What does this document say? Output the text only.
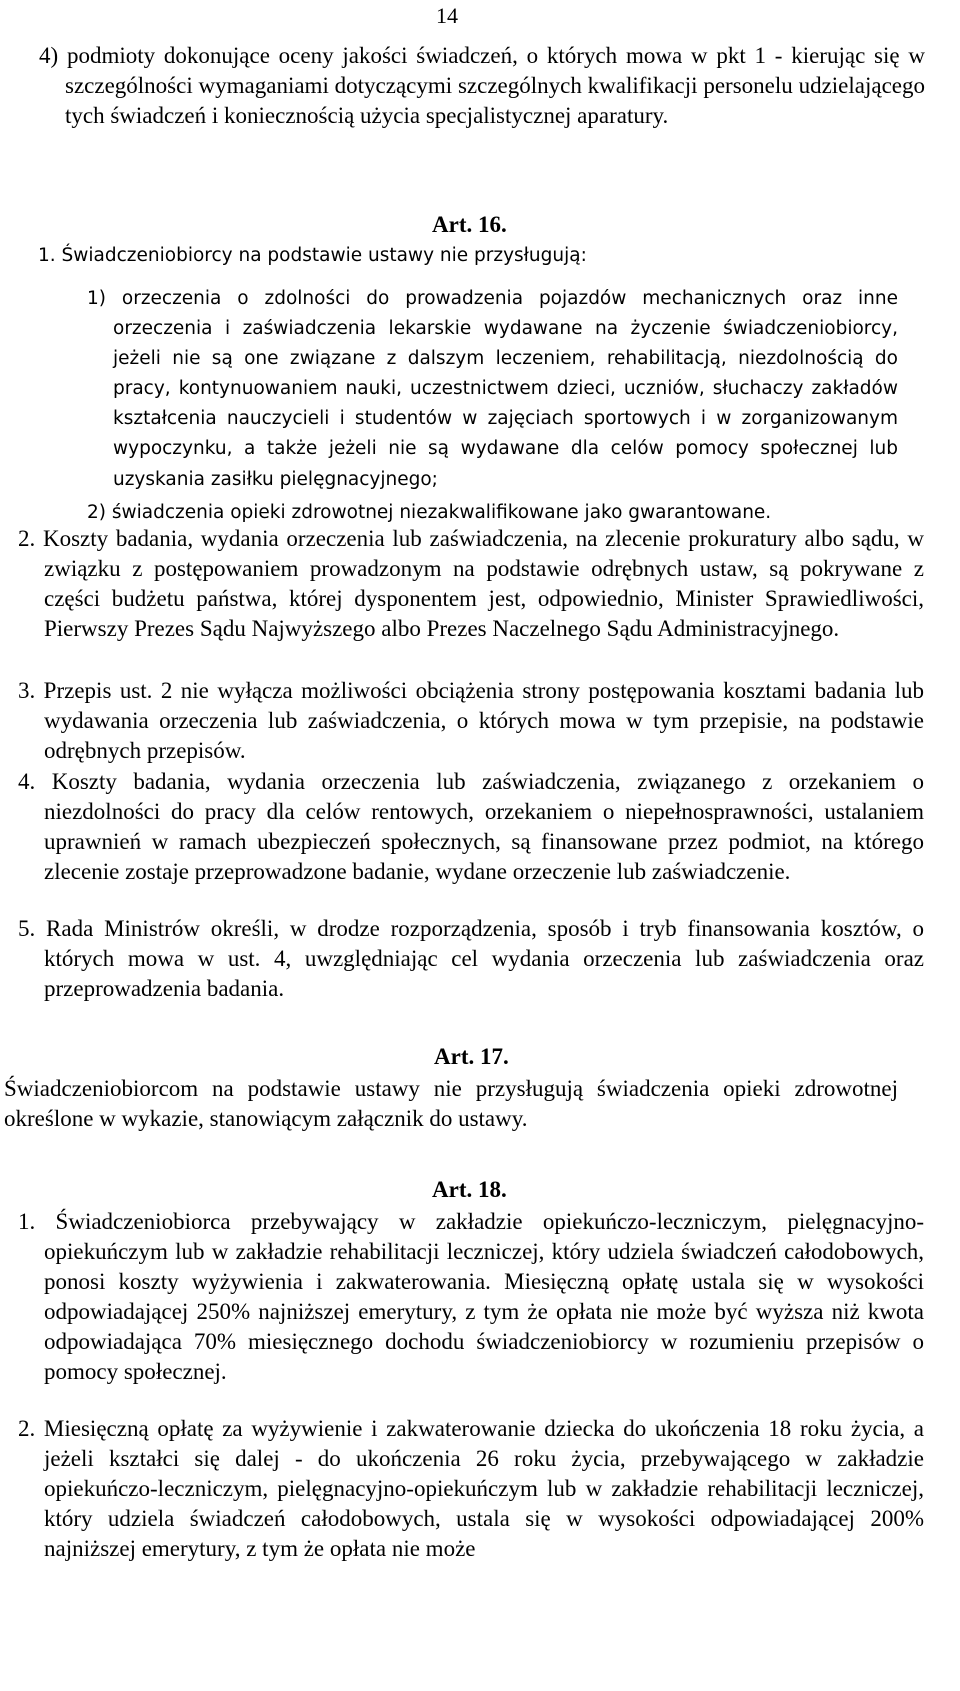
14
4) podmioty dokonujące oceny jakości świadczeń, o których mowa w pkt 1 - kierując się w szczególności wymaganiami dotyczącymi szczególnych kwalifikacji personelu udzielającego tych świadczeń i koniecznością użycia specjalistycznej aparatury.
Art. 16.
1. Świadczeniobiorcy na podstawie ustawy nie przysługują:

1) orzeczenia o zdolności do prowadzenia pojazdów mechanicznych oraz inne orzeczenia i zaświadczenia lekarskie wydawane na życzenie świadczeniobiorcy, jeżeli nie są one związane z dalszym leczeniem, rehabilitacją, niezdolnością do pracy, kontynuowaniem nauki, uczestnictwem dzieci, uczniów, słuchaczy zakładów kształcenia nauczycieli i studentów w zajęciach sportowych i w zorganizowanym wypoczynku, a także jeżeli nie są wydawane dla celów pomocy społecznej lub uzyskania zasiłku pielęgnacyjnego;

2) świadczenia opieki zdrowotnej niezakwalifikowane jako gwarantowane.

2. Koszty badania, wydania orzeczenia lub zaświadczenia, na zlecenie prokuratury albo sądu, w związku z postępowaniem prowadzonym na podstawie odrębnych ustaw, są pokrywane z części budżetu państwa, której dysponentem jest, odpowiednio, Minister Sprawiedliwości, Pierwszy Prezes Sądu Najwyższego albo Prezes Naczelnego Sądu Administracyjnego.
3. Przepis ust. 2 nie wyłącza możliwości obciążenia strony postępowania kosztami badania lub wydawania orzeczenia lub zaświadczenia, o których mowa w tym przepisie, na podstawie odrębnych przepisów.
4. Koszty badania, wydania orzeczenia lub zaświadczenia, związanego z orzekaniem o niezdolności do pracy dla celów rentowych, orzekaniem o niepełnosprawności, ustalaniem uprawnień w ramach ubezpieczeń społecznych, są finansowane przez podmiot, na którego zlecenie zostaje przeprowadzone badanie, wydane orzeczenie lub zaświadczenie.
5. Rada Ministrów określi, w drodze rozporządzenia, sposób i tryb finansowania kosztów, o których mowa w ust. 4, uwzględniając cel wydania orzeczenia lub zaświadczenia oraz przeprowadzenia badania.
Art. 17.
Świadczeniobiorcom na podstawie ustawy nie przysługują świadczenia opieki zdrowotnej określone w wykazie, stanowiącym załącznik do ustawy.
Art. 18.
1. Świadczeniobiorca przebywający w zakładzie opiekuńczo-leczniczym, pielęgnacyjno-opiekuńczym lub w zakładzie rehabilitacji leczniczej, który udziela świadczeń całodobowych, ponosi koszty wyżywienia i zakwaterowania. Miesięczną opłatę ustala się w wysokości odpowiadającej 250% najniższej emerytury, z tym że opłata nie może być wyższa niż kwota odpowiadająca 70% miesięcznego dochodu świadczeniobiorcy w rozumieniu przepisów o pomocy społecznej.
2. Miesięczną opłatę za wyżywienie i zakwaterowanie dziecka do ukończenia 18 roku życia, a jeżeli kształci się dalej - do ukończenia 26 roku życia, przebywającego w zakładzie opiekuńczo-leczniczym, pielęgnacyjno-opiekuńczym lub w zakładzie rehabilitacji leczniczej, który udziela świadczeń całodobowych, ustala się w wysokości odpowiadającej 200% najniższej emerytury, z tym że opłata nie może
